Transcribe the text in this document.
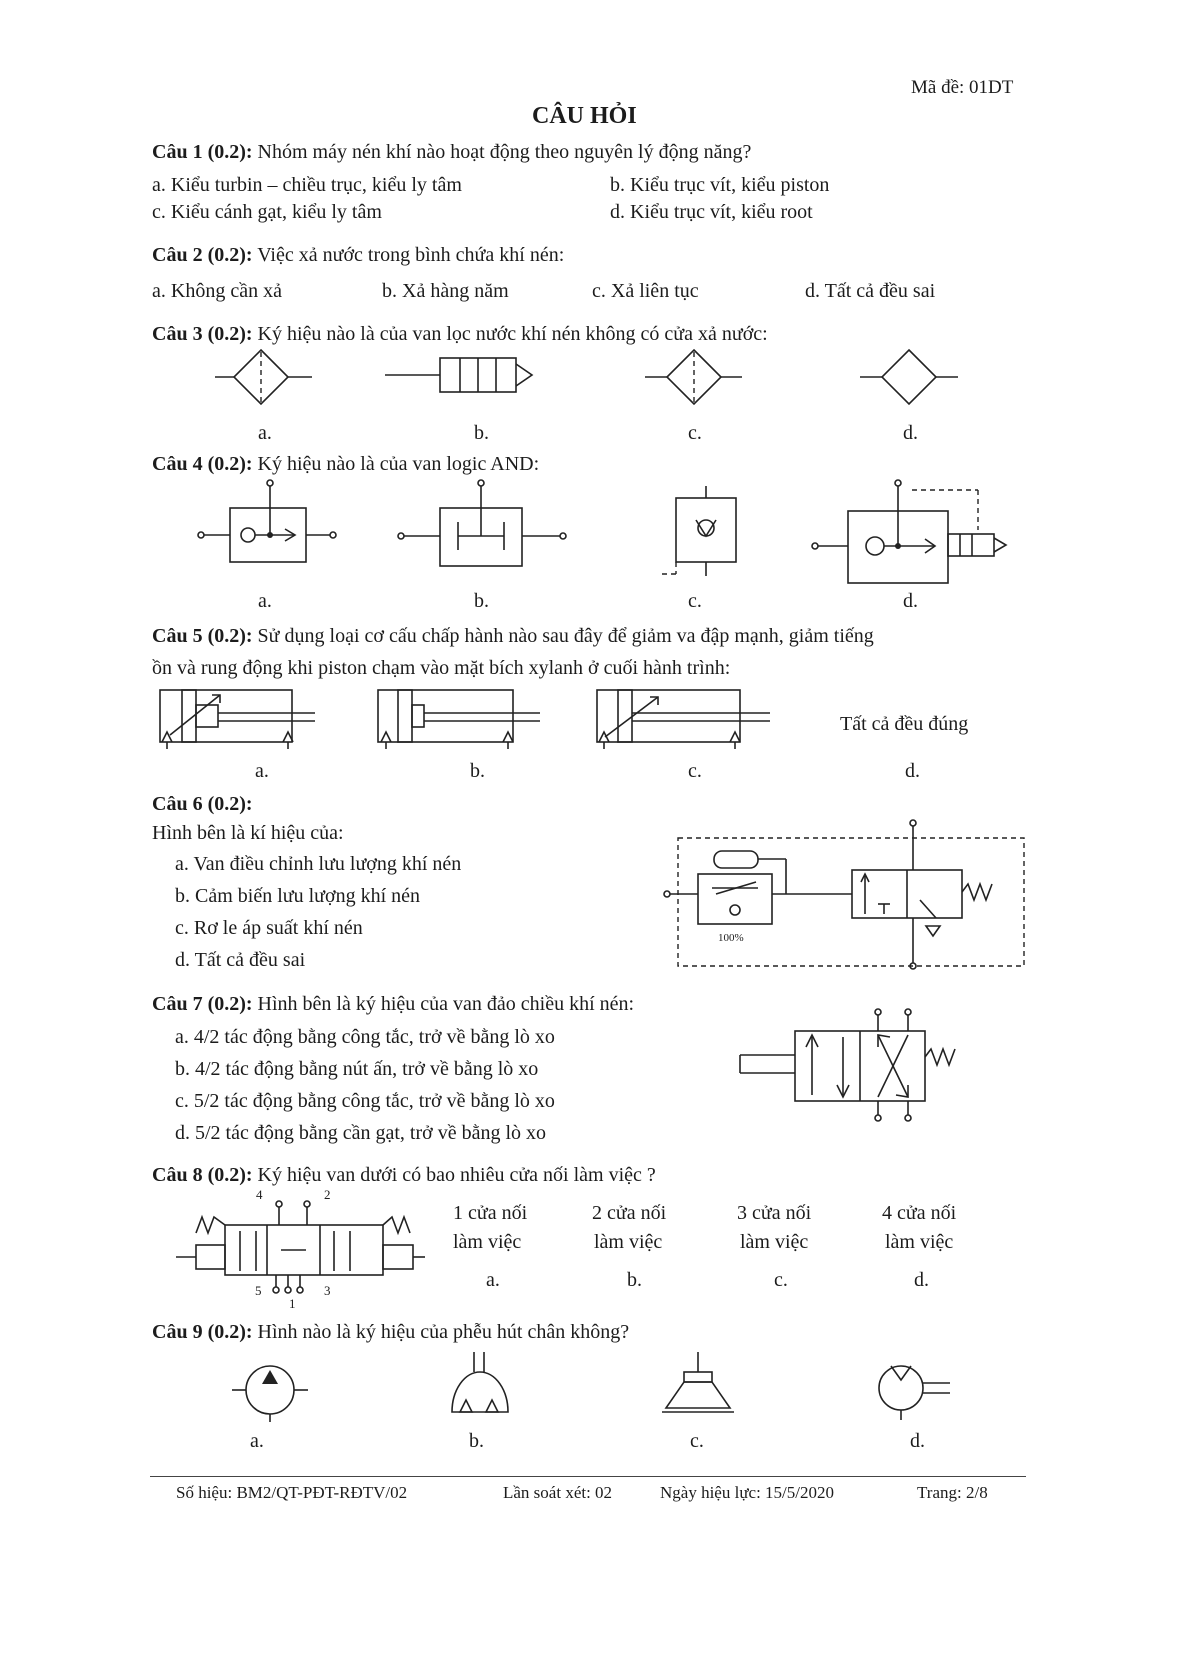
Mã đề: 01DT
CÂU HỎI
Câu 1 (0.2): Nhóm máy nén khí nào hoạt động theo nguyên lý động năng?
a. Kiểu turbin – chiều trục, kiểu ly tâm	b. Kiểu trục vít, kiểu piston
c. Kiểu cánh gạt, kiểu ly tâm	d. Kiểu trục vít, kiểu root
Câu 2 (0.2): Việc xả nước trong bình chứa khí nén:
a. Không cần xả	b. Xả hàng năm	c. Xả liên tục	d. Tất cả đều sai
Câu 3 (0.2): Ký hiệu nào là của van lọc nước khí nén không có cửa xả nước:
a.	b.	c.	d.
Câu 4 (0.2): Ký hiệu nào là của van logic AND:
a.	b.	c.	d.
Câu 5 (0.2): Sử dụng loại cơ cấu chấp hành nào sau đây để giảm va đập mạnh, giảm tiếng
ồn và rung động khi piston chạm vào mặt bích xylanh ở cuối hành trình:
Tất cả đều đúng
a.	b.	c.	d.
Câu 6 (0.2):
Hình bên là kí hiệu của:
a. Van điều chỉnh lưu lượng khí nén
b. Cảm biến lưu lượng khí nén
c. Rơ le áp suất khí nén
d. Tất cả đều sai
100%
Câu 7 (0.2): Hình bên là ký hiệu của van đảo chiều khí nén:
a. 4/2 tác động bằng công tắc, trở về bằng lò xo
b. 4/2 tác động bằng nút ấn, trở về bằng lò xo
c. 5/2 tác động bằng công tắc, trở về bằng lò xo
d. 5/2 tác động bằng cần gạt, trở về bằng lò xo
Câu 8 (0.2): Ký hiệu van dưới có bao nhiêu cửa nối làm việc ?
4	2
5
1
3
1 cửa nối
làm việc
2 cửa nối
làm việc
3 cửa nối
làm việc
4 cửa nối
làm việc
a.	b.	c.	d.
Câu 9 (0.2): Hình nào là ký hiệu của phễu hút chân không?
a.	b.	c.	d.
Số hiệu: BM2/QT-PĐT-RĐTV/02	Lần soát xét: 02	Ngày hiệu lực: 15/5/2020	Trang: 2/8
